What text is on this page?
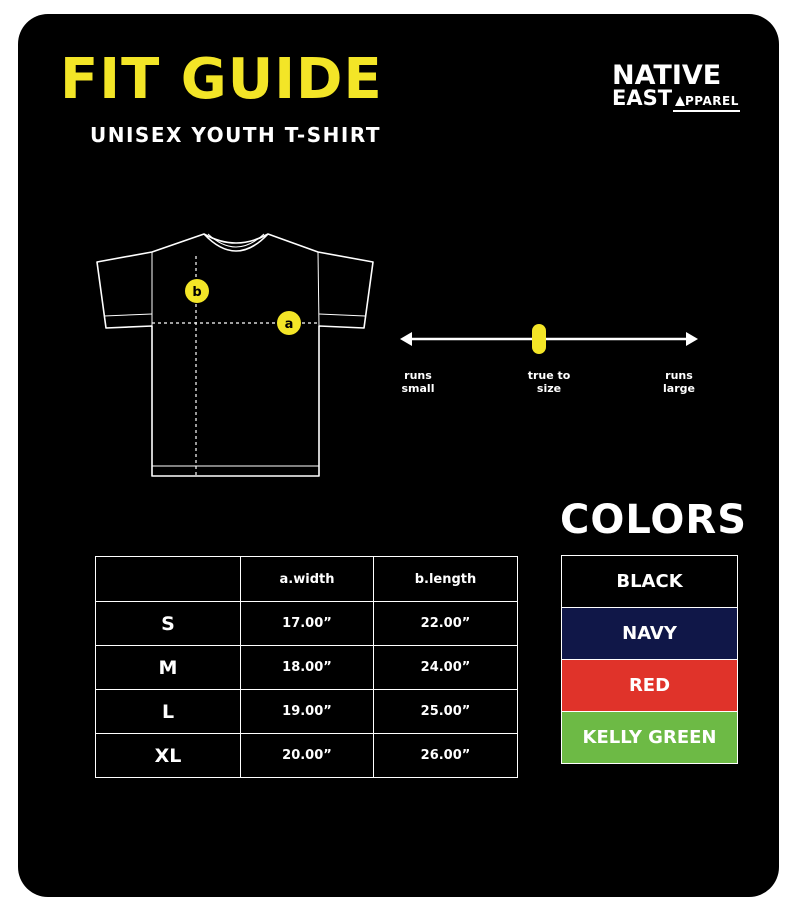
FIT GUIDE
UNISEX YOUTH T-SHIRT
NATIVE
EAST PPAREL
b
a
runs
small
true to
size
runs
large
	a.width	b.length
S	17.00”	22.00”
M	18.00”	24.00”
L	19.00”	25.00”
XL	20.00”	26.00”
COLORS
BLACK
NAVY
RED
KELLY GREEN
